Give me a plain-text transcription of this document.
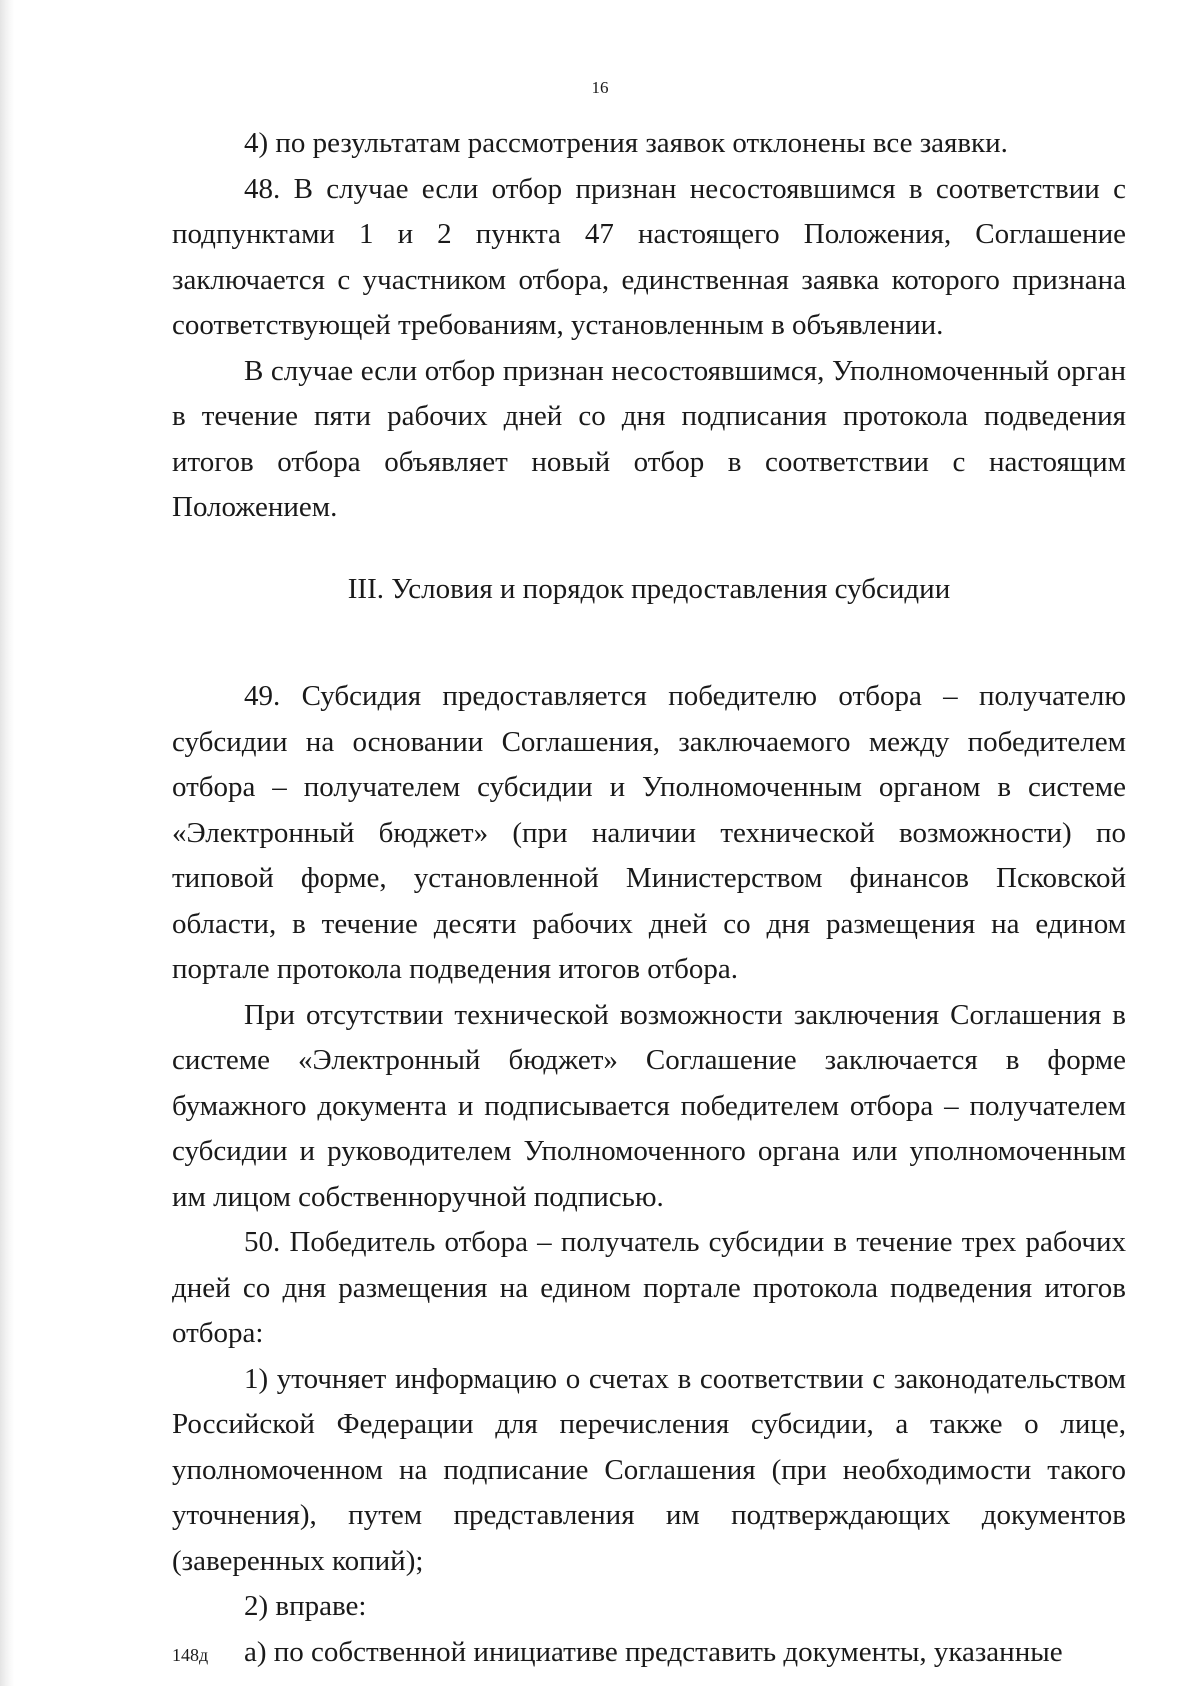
16

4) по результатам рассмотрения заявок отклонены все заявки.

48. В случае если отбор признан несостоявшимся в соответствии с подпунктами 1 и 2 пункта 47 настоящего Положения, Соглашение заключается с участником отбора, единственная заявка которого признана соответствующей требованиям, установленным в объявлении.

В случае если отбор признан несостоявшимся, Уполномоченный орган в течение пяти рабочих дней со дня подписания протокола подведения итогов отбора объявляет новый отбор в соответствии с настоящим Положением.

III. Условия и порядок предоставления субсидии

49. Субсидия предоставляется победителю отбора – получателю субсидии на основании Соглашения, заключаемого между победителем отбора – получателем субсидии и Уполномоченным органом в системе «Электронный бюджет» (при наличии технической возможности) по типовой форме, установленной Министерством финансов Псковской области, в течение десяти рабочих дней со дня размещения на едином портале протокола подведения итогов отбора.

При отсутствии технической возможности заключения Соглашения в системе «Электронный бюджет» Соглашение заключается в форме бумажного документа и подписывается победителем отбора – получателем субсидии и руководителем Уполномоченного органа или уполномоченным им лицом собственноручной подписью.

50. Победитель отбора – получатель субсидии в течение трех рабочих дней со дня размещения на едином портале протокола подведения итогов отбора:

1) уточняет информацию о счетах в соответствии с законодательством Российской Федерации для перечисления субсидии, а также о лице, уполномоченном на подписание Соглашения (при необходимости такого уточнения), путем представления им подтверждающих документов (заверенных копий);

2) вправе:

а) по собственной инициативе представить документы, указанные

148д
